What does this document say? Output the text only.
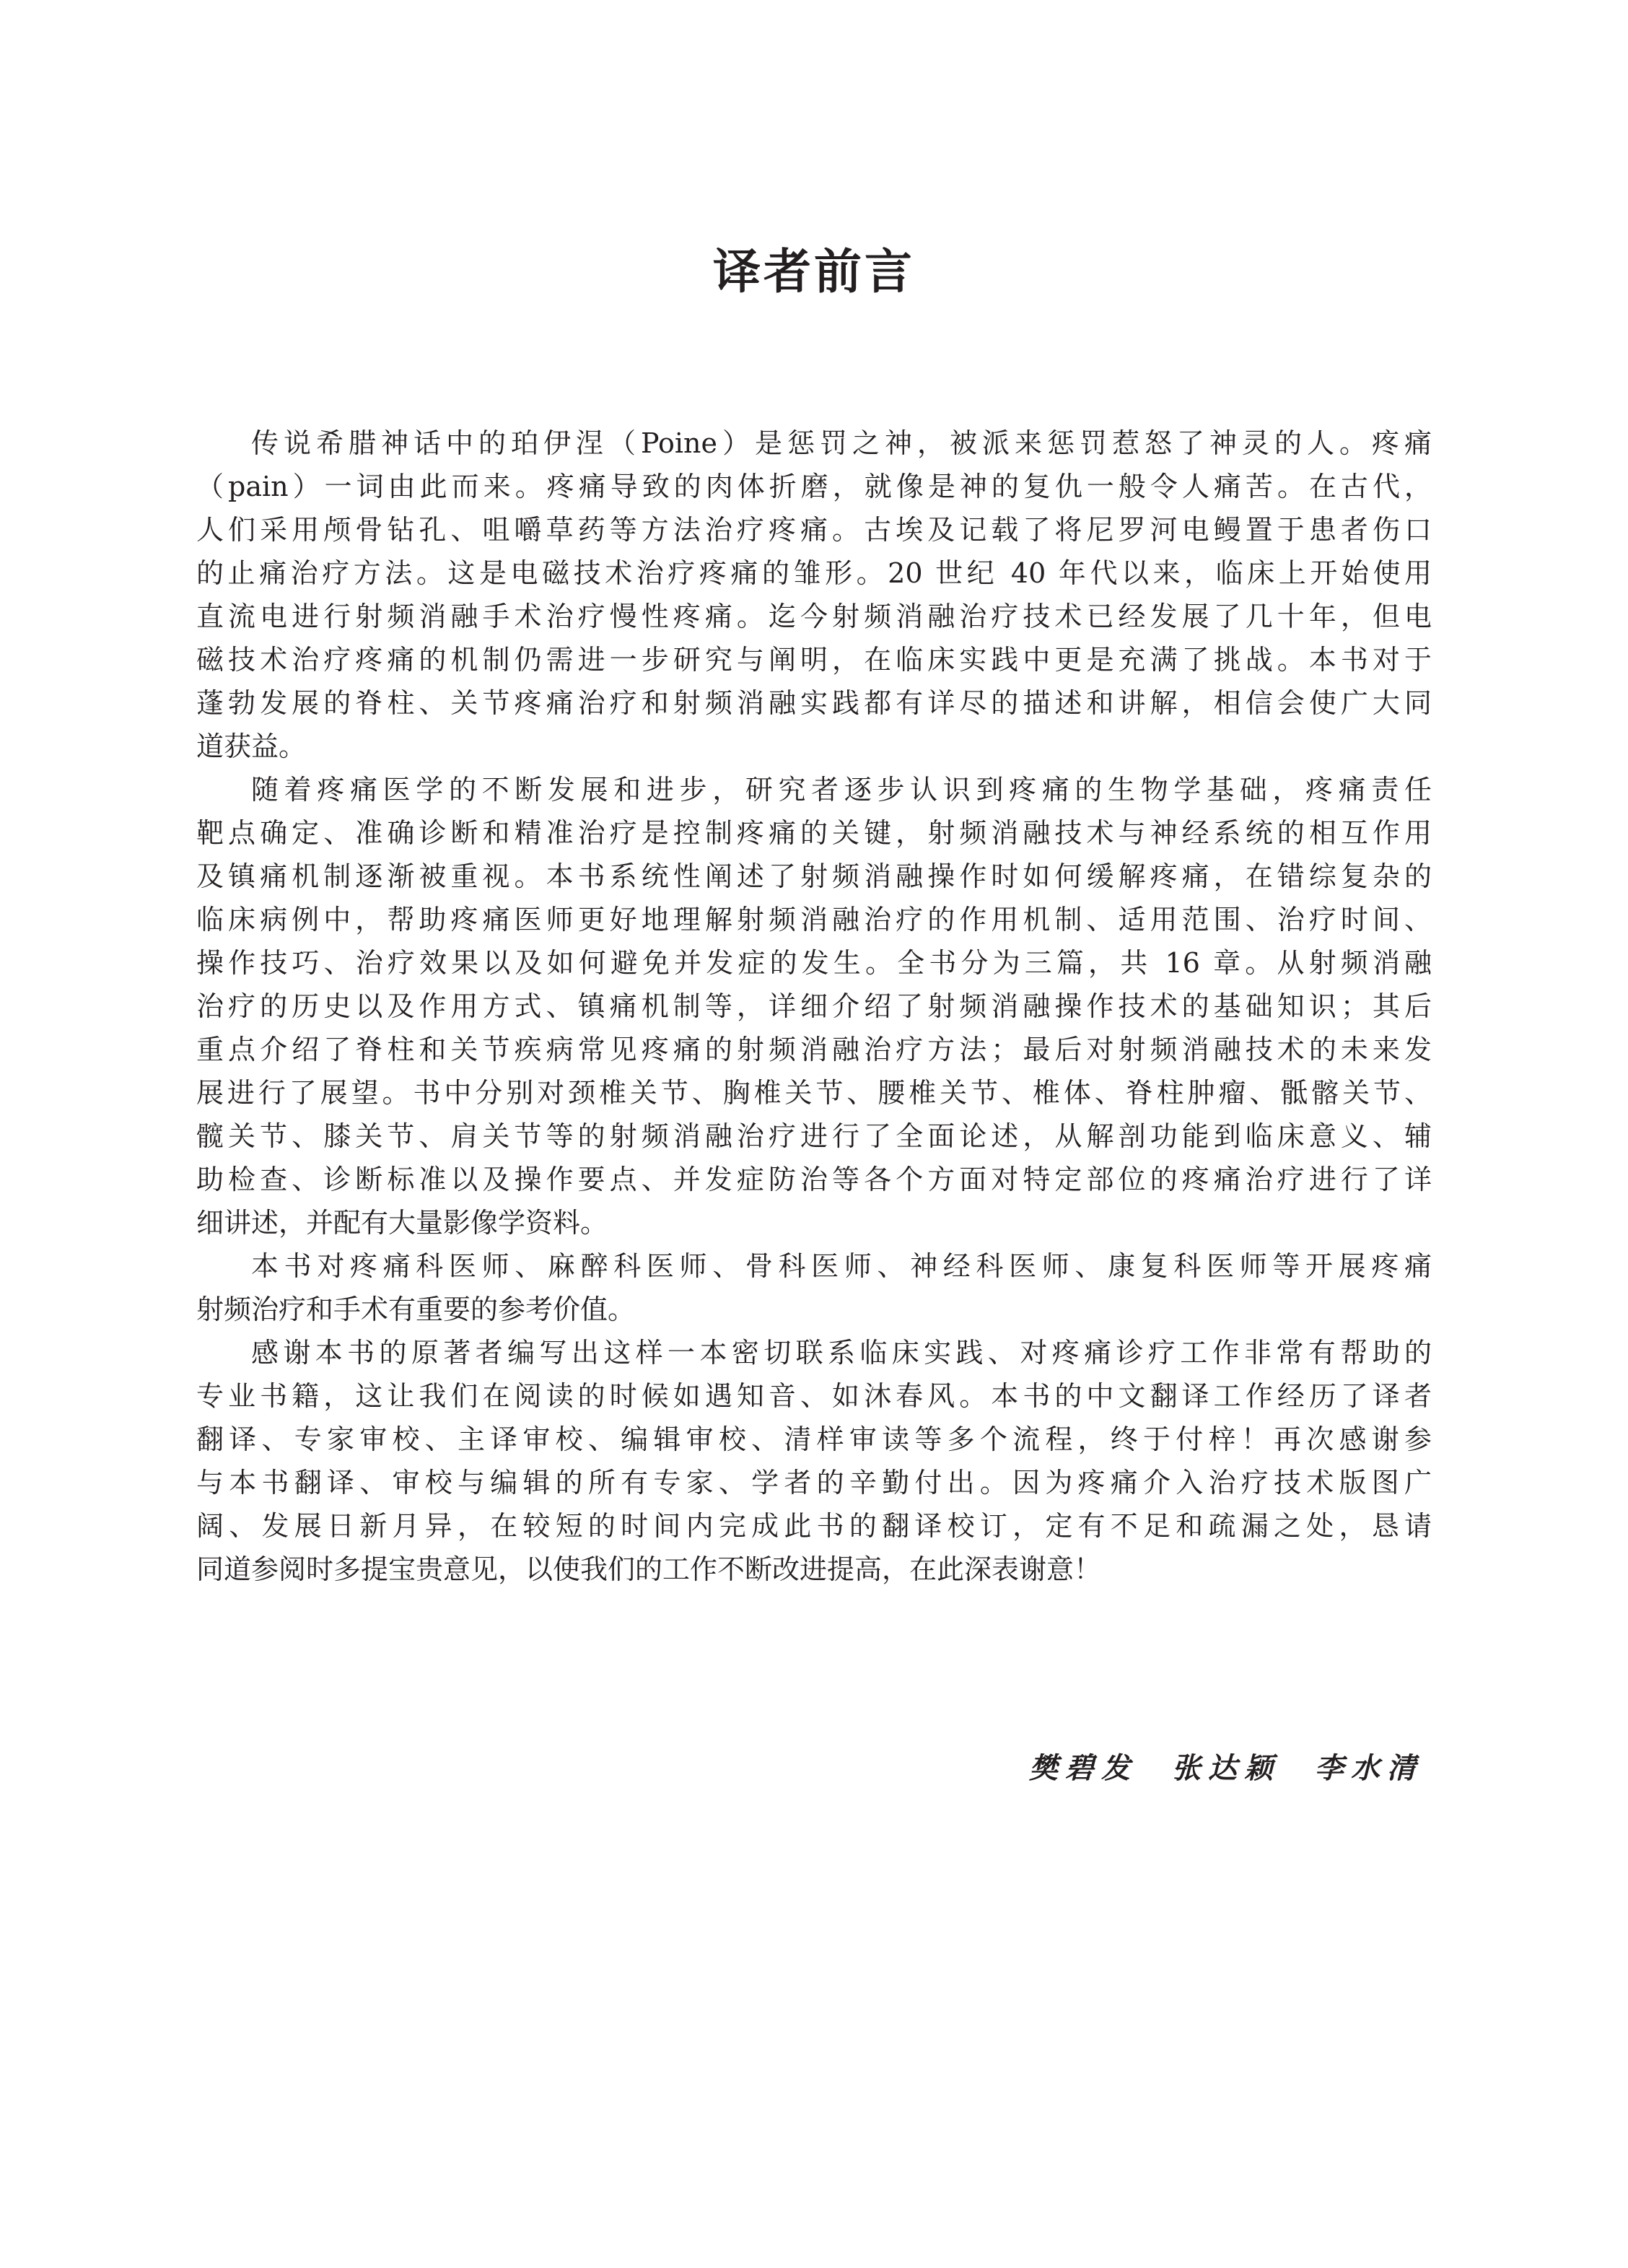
译者前言
传说希腊神话中的珀伊涅（Poine）是惩罚之神，被派来惩罚惹怒了神灵的人。疼痛
（pain）一词由此而来。疼痛导致的肉体折磨，就像是神的复仇一般令人痛苦。在古代，
人们采用颅骨钻孔、咀嚼草药等方法治疗疼痛。古埃及记载了将尼罗河电鳗置于患者伤口
的止痛治疗方法。这是电磁技术治疗疼痛的雏形。20 世纪 40 年代以来，临床上开始使用
直流电进行射频消融手术治疗慢性疼痛。迄今射频消融治疗技术已经发展了几十年，但电
磁技术治疗疼痛的机制仍需进一步研究与阐明，在临床实践中更是充满了挑战。本书对于
蓬勃发展的脊柱、关节疼痛治疗和射频消融实践都有详尽的描述和讲解，相信会使广大同
道获益。
随着疼痛医学的不断发展和进步，研究者逐步认识到疼痛的生物学基础，疼痛责任
靶点确定、准确诊断和精准治疗是控制疼痛的关键，射频消融技术与神经系统的相互作用
及镇痛机制逐渐被重视。本书系统性阐述了射频消融操作时如何缓解疼痛，在错综复杂的
临床病例中，帮助疼痛医师更好地理解射频消融治疗的作用机制、适用范围、治疗时间、
操作技巧、治疗效果以及如何避免并发症的发生。全书分为三篇，共 16 章。从射频消融
治疗的历史以及作用方式、镇痛机制等，详细介绍了射频消融操作技术的基础知识；其后
重点介绍了脊柱和关节疾病常见疼痛的射频消融治疗方法；最后对射频消融技术的未来发
展进行了展望。书中分别对颈椎关节、胸椎关节、腰椎关节、椎体、脊柱肿瘤、骶髂关节、
髋关节、膝关节、肩关节等的射频消融治疗进行了全面论述，从解剖功能到临床意义、辅
助检查、诊断标准以及操作要点、并发症防治等各个方面对特定部位的疼痛治疗进行了详
细讲述，并配有大量影像学资料。
本书对疼痛科医师、麻醉科医师、骨科医师、神经科医师、康复科医师等开展疼痛
射频治疗和手术有重要的参考价值。
感谢本书的原著者编写出这样一本密切联系临床实践、对疼痛诊疗工作非常有帮助的
专业书籍，这让我们在阅读的时候如遇知音、如沐春风。本书的中文翻译工作经历了译者
翻译、专家审校、主译审校、编辑审校、清样审读等多个流程，终于付梓！再次感谢参
与本书翻译、审校与编辑的所有专家、学者的辛勤付出。因为疼痛介入治疗技术版图广
阔、发展日新月异，在较短的时间内完成此书的翻译校订，定有不足和疏漏之处，恳请
同道参阅时多提宝贵意见，以使我们的工作不断改进提高，在此深表谢意！
樊碧发 张达颖 李水清
